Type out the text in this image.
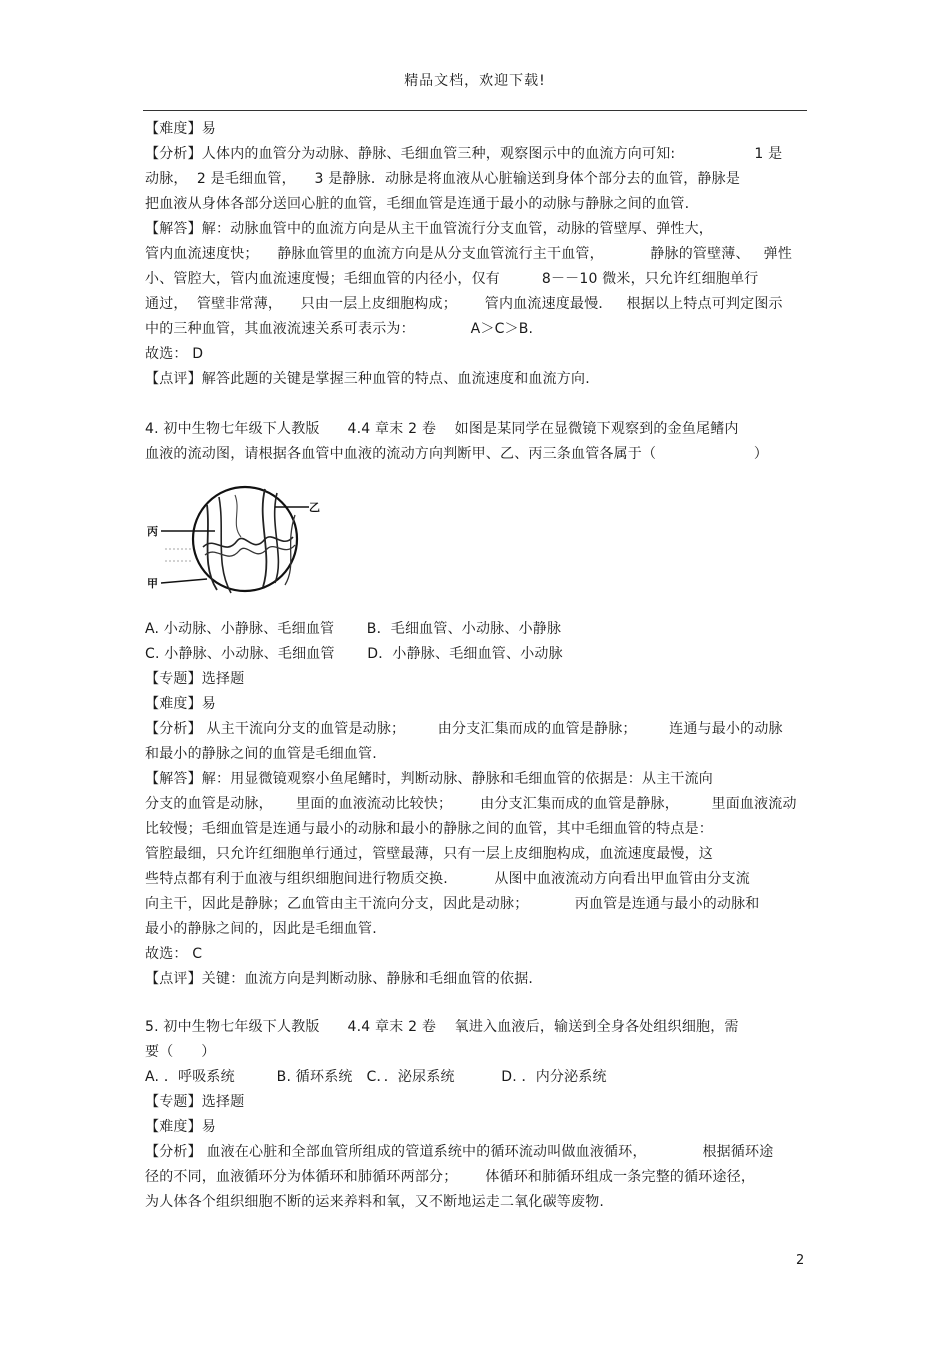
精品文档，欢迎下载!
【难度】易
【分析】人体内的血管分为动脉、静脉、毛细血管三种，观察图示中的血流方向可知:                 1 是
动脉，  2 是毛细血管，    3 是静脉．动脉是将血液从心脏输送到身体个部分去的血管，静脉是
把血液从身体各部分送回心脏的血管，毛细血管是连通于最小的动脉与静脉之间的血管.
【解答】解：动脉血管中的血流方向是从主干血管流行分支血管，动脉的管壁厚、弹性大，
管内血流速度快；    静脉血管里的血流方向是从分支血管流行主干血管，          静脉的管壁薄、   弹性
小、管腔大，管内血流速度慢；毛细血管的内径小，仅有         8－－10 微米，只允许红细胞单行
通过，  管壁非常薄，    只由一层上皮细胞构成；      管内血流速度最慢．   根据以上特点可判定图示
中的三种血管，其血液流速关系可表示为：            A＞C＞B.
故选： D
【点评】解答此题的关键是掌握三种血管的特点、血流速度和血流方向.
4. 初中生物七年级下人教版      4.4 章末 2 卷    如图是某同学在显微镜下观察到的金鱼尾鳍内
血液的流动图，请根据各血管中血液的流动方向判断甲、乙、丙三条血管各属于（                     ）
A. 小动脉、小静脉、毛细血管       B．毛细血管、小动脉、小静脉
C. 小静脉、小动脉、毛细血管       D．小静脉、毛细血管、小动脉
【专题】选择题
【难度】易
【分析】 从主干流向分支的血管是动脉；       由分支汇集而成的血管是静脉；       连通与最小的动脉
和最小的静脉之间的血管是毛细血管.
【解答】解：用显微镜观察小鱼尾鳍时，判断动脉、静脉和毛细血管的依据是：从主干流向
分支的血管是动脉，     里面的血液流动比较快；      由分支汇集而成的血管是静脉，       里面血液流动
比较慢；毛细血管是连通与最小的动脉和最小的静脉之间的血管，其中毛细血管的特点是：
管腔最细，只允许红细胞单行通过，管壁最薄，只有一层上皮细胞构成，血流速度最慢，这
些特点都有利于血液与组织细胞间进行物质交换.          从图中血液流动方向看出甲血管由分支流
向主干，因此是静脉；乙血管由主干流向分支，因此是动脉；          丙血管是连通与最小的动脉和
最小的静脉之间的，因此是毛细血管.
故选： C
【点评】关键：血流方向是判断动脉、静脉和毛细血管的依据.
5. 初中生物七年级下人教版      4.4 章末 2 卷    氧进入血液后，输送到全身各处组织细胞，需
要（      ）
A. ．呼吸系统         B. 循环系统   C．．泌尿系统          D. ．内分泌系统
【专题】选择题
【难度】易
【分析】 血液在心脏和全部血管所组成的管道系统中的循环流动叫做血液循环，            根据循环途
径的不同，血液循环分为体循环和肺循环两部分；      体循环和肺循环组成一条完整的循环途径，
为人体各个组织细胞不断的运来养料和氧，又不断地运走二氧化碳等废物.
乙
丙
甲
2
